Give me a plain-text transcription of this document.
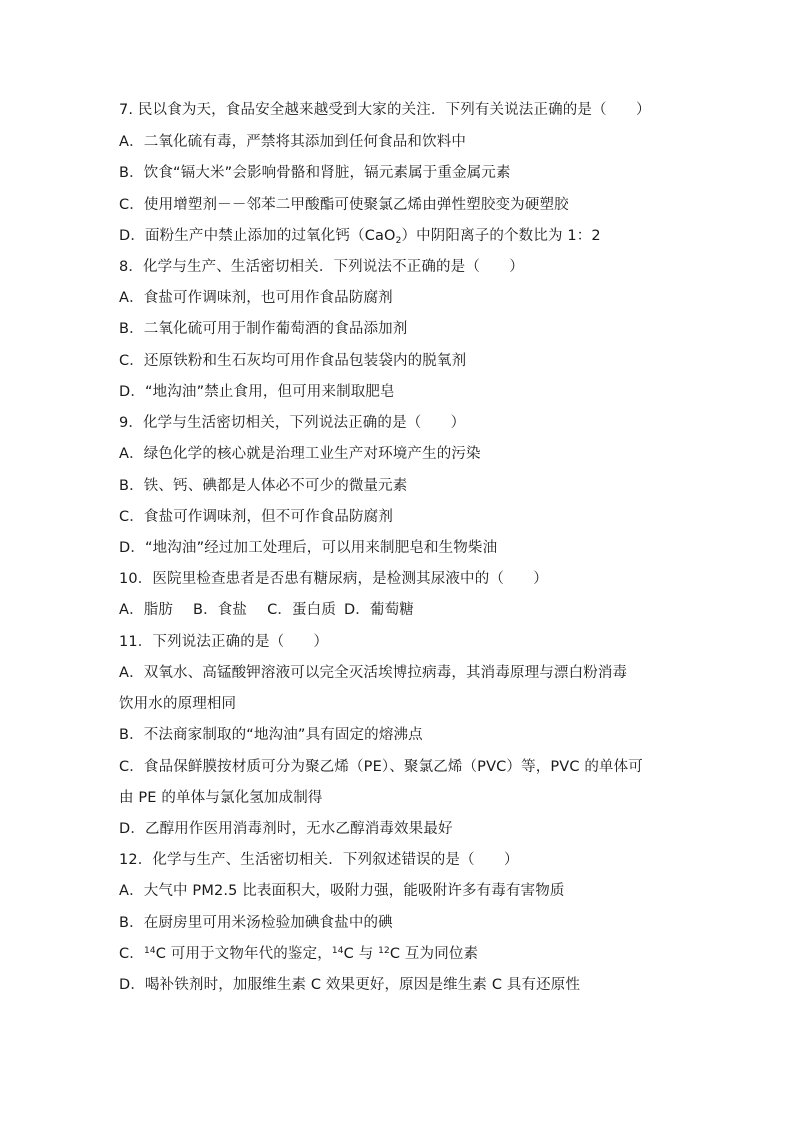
7. 民以食为天，食品安全越来越受到大家的关注．下列有关说法正确的是（　　）
A．二氧化硫有毒，严禁将其添加到任何食品和饮料中
B．饮食“镉大米”会影响骨骼和肾脏，镉元素属于重金属元素
C．使用增塑剂－－邻苯二甲酸酯可使聚氯乙烯由弹性塑胶变为硬塑胶
D．面粉生产中禁止添加的过氧化钙（CaO$_2$）中阴阳离子的个数比为 1：2
8．化学与生产、生活密切相关．下列说法不正确的是（　　）
A．食盐可作调味剂，也可用作食品防腐剂
B．二氧化硫可用于制作葡萄酒的食品添加剂
C．还原铁粉和生石灰均可用作食品包装袋内的脱氧剂
D．“地沟油”禁止食用，但可用来制取肥皂
9．化学与生活密切相关，下列说法正确的是（　　）
A．绿色化学的核心就是治理工业生产对环境产生的污染
B．铁、钙、碘都是人体必不可少的微量元素
C．食盐可作调味剂，但不可作食品防腐剂
D．“地沟油”经过加工处理后，可以用来制肥皂和生物柴油
10．医院里检查患者是否患有糖尿病，是检测其尿液中的（　　）
A．脂肪 B．食盐 C．蛋白质 D．葡萄糖
11．下列说法正确的是（　　）
A．双氧水、高锰酸钾溶液可以完全灭活埃博拉病毒，其消毒原理与漂白粉消毒
饮用水的原理相同
B．不法商家制取的“地沟油”具有固定的熔沸点
C．食品保鲜膜按材质可分为聚乙烯（PE）、聚氯乙烯（PVC）等，PVC 的单体可
由 PE 的单体与氯化氢加成制得
D．乙醇用作医用消毒剂时，无水乙醇消毒效果最好
12．化学与生产、生活密切相关．下列叙述错误的是（　　）
A．大气中 PM2.5 比表面积大，吸附力强，能吸附许多有毒有害物质
B．在厨房里可用米汤检验加碘食盐中的碘
C．$^{14}$C 可用于文物年代的鉴定，$^{14}$C 与 $^{12}$C 互为同位素
D．喝补铁剂时，加服维生素 C 效果更好，原因是维生素 C 具有还原性
